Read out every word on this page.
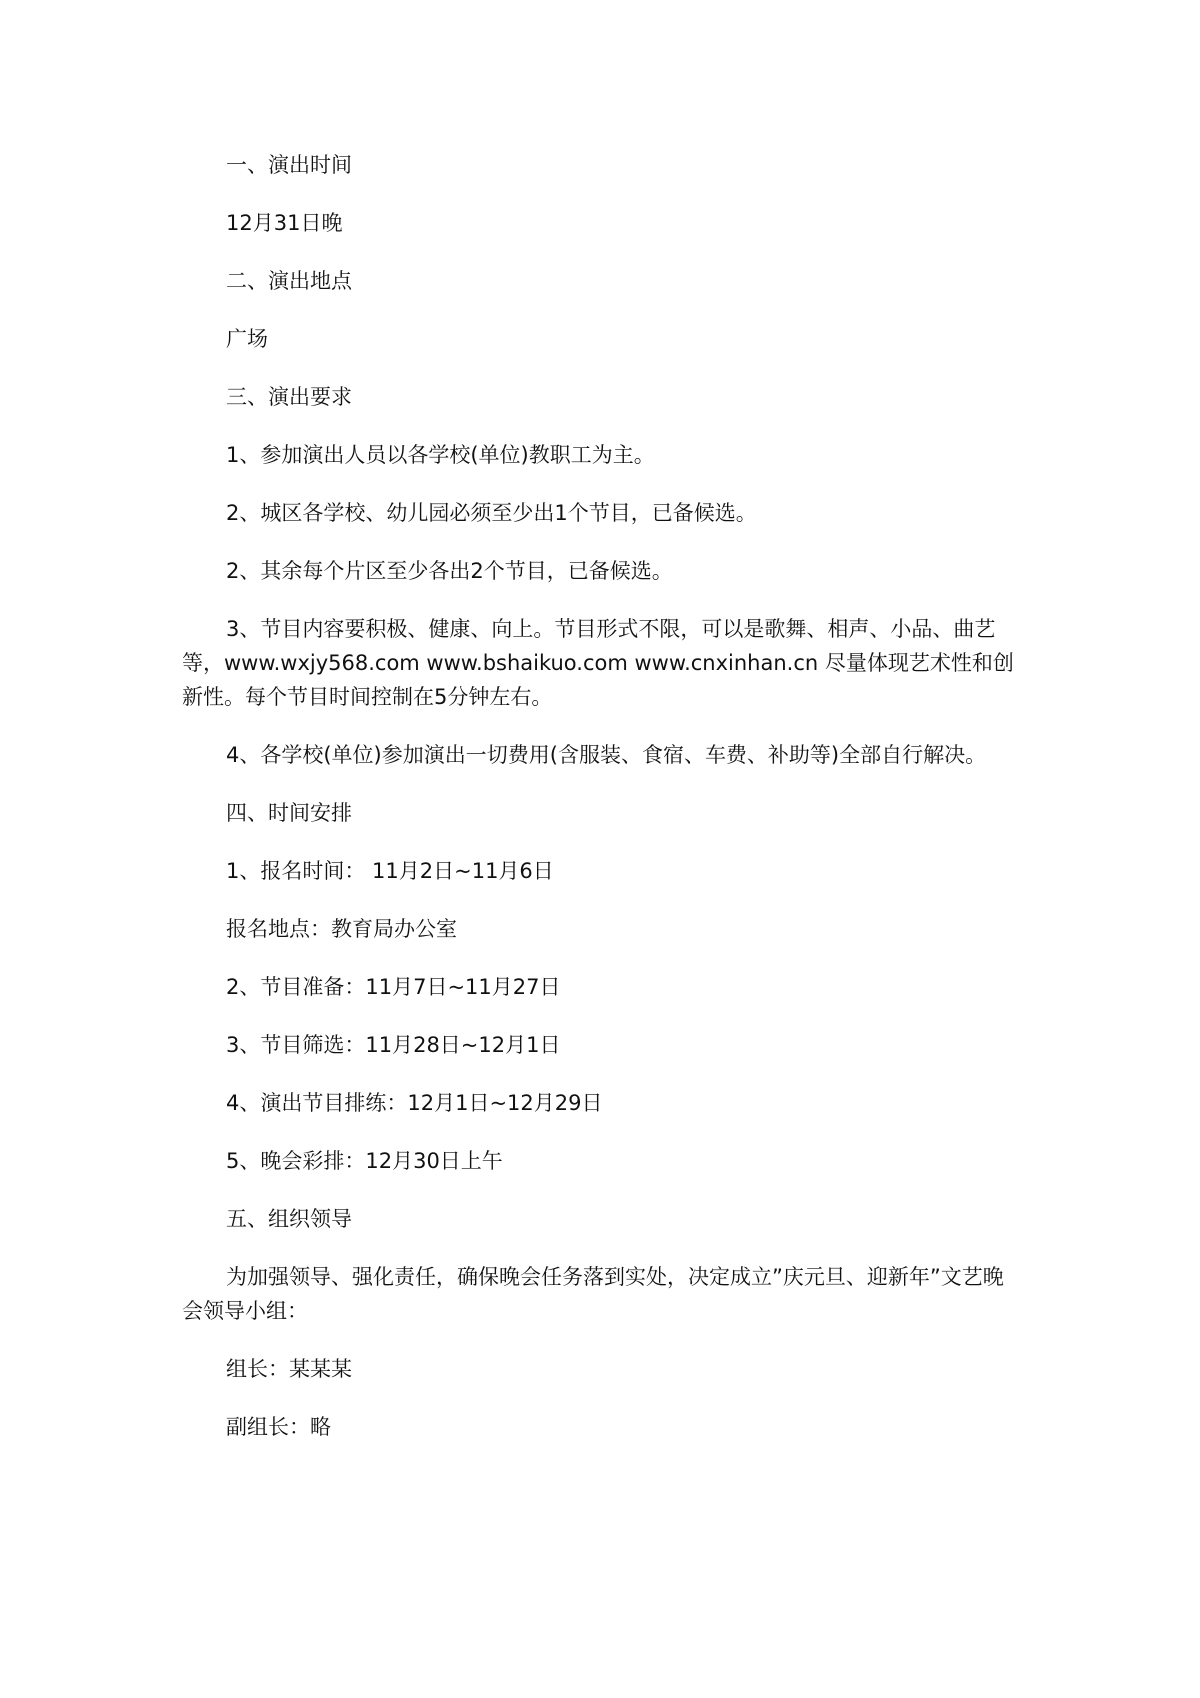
一、演出时间

12月31日晚

二、演出地点

广场

三、演出要求

1、参加演出人员以各学校(单位)教职工为主。

2、城区各学校、幼儿园必须至少出1个节目，已备候选。

2、其余每个片区至少各出2个节目，已备候选。

3、节目内容要积极、健康、向上。节目形式不限，可以是歌舞、相声、小品、曲艺等，www.wxjy568.com www.bshaikuo.com www.cnxinhan.cn 尽量体现艺术性和创新性。每个节目时间控制在5分钟左右。

4、各学校(单位)参加演出一切费用(含服装、食宿、车费、补助等)全部自行解决。

四、时间安排

1、报名时间： 11月2日~11月6日

报名地点：教育局办公室

2、节目准备：11月7日~11月27日

3、节目筛选：11月28日~12月1日

4、演出节目排练：12月1日~12月29日

5、晚会彩排：12月30日上午

五、组织领导

为加强领导、强化责任，确保晚会任务落到实处，决定成立”庆元旦、迎新年”文艺晚会领导小组：

组长：某某某

副组长：略
